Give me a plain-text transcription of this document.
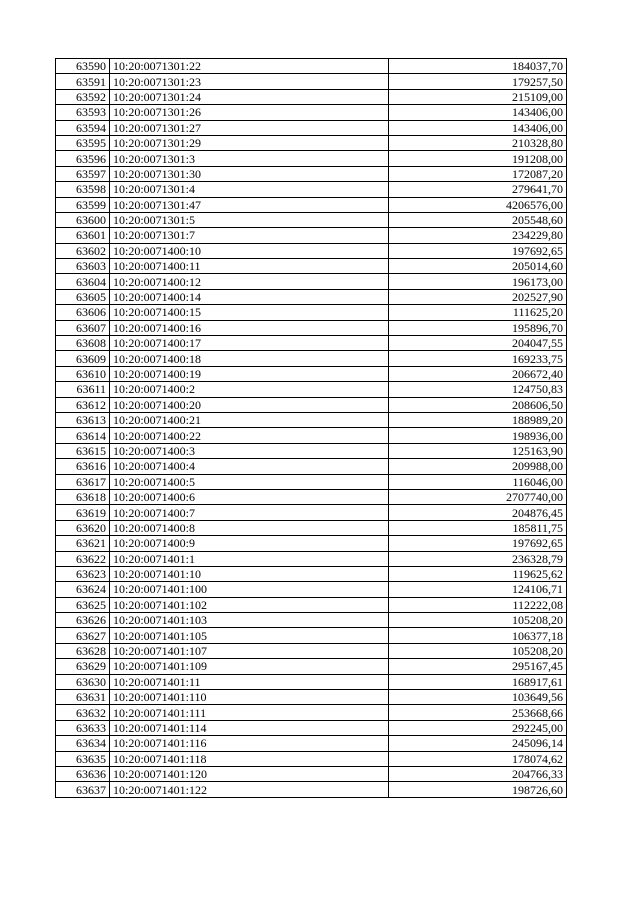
63590	10:20:0071301:22	184037,70
63591	10:20:0071301:23	179257,50
63592	10:20:0071301:24	215109,00
63593	10:20:0071301:26	143406,00
63594	10:20:0071301:27	143406,00
63595	10:20:0071301:29	210328,80
63596	10:20:0071301:3	191208,00
63597	10:20:0071301:30	172087,20
63598	10:20:0071301:4	279641,70
63599	10:20:0071301:47	4206576,00
63600	10:20:0071301:5	205548,60
63601	10:20:0071301:7	234229,80
63602	10:20:0071400:10	197692,65
63603	10:20:0071400:11	205014,60
63604	10:20:0071400:12	196173,00
63605	10:20:0071400:14	202527,90
63606	10:20:0071400:15	111625,20
63607	10:20:0071400:16	195896,70
63608	10:20:0071400:17	204047,55
63609	10:20:0071400:18	169233,75
63610	10:20:0071400:19	206672,40
63611	10:20:0071400:2	124750,83
63612	10:20:0071400:20	208606,50
63613	10:20:0071400:21	188989,20
63614	10:20:0071400:22	198936,00
63615	10:20:0071400:3	125163,90
63616	10:20:0071400:4	209988,00
63617	10:20:0071400:5	116046,00
63618	10:20:0071400:6	2707740,00
63619	10:20:0071400:7	204876,45
63620	10:20:0071400:8	185811,75
63621	10:20:0071400:9	197692,65
63622	10:20:0071401:1	236328,79
63623	10:20:0071401:10	119625,62
63624	10:20:0071401:100	124106,71
63625	10:20:0071401:102	112222,08
63626	10:20:0071401:103	105208,20
63627	10:20:0071401:105	106377,18
63628	10:20:0071401:107	105208,20
63629	10:20:0071401:109	295167,45
63630	10:20:0071401:11	168917,61
63631	10:20:0071401:110	103649,56
63632	10:20:0071401:111	253668,66
63633	10:20:0071401:114	292245,00
63634	10:20:0071401:116	245096,14
63635	10:20:0071401:118	178074,62
63636	10:20:0071401:120	204766,33
63637	10:20:0071401:122	198726,60
